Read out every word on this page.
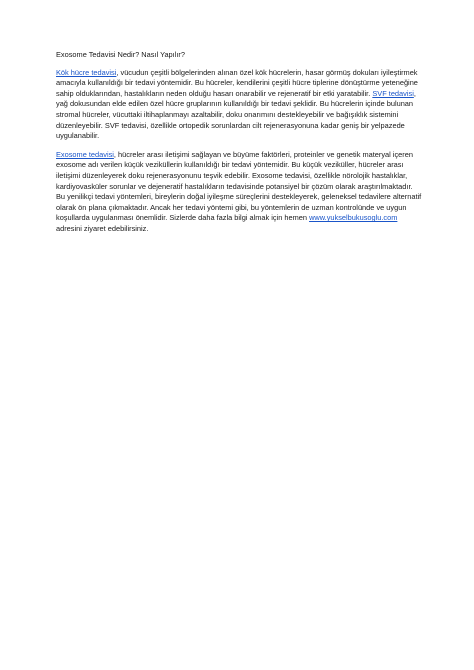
Exosome Tedavisi Nedir? Nasıl Yapılır?

Kök hücre tedavisi, vücudun çeşitli bölgelerinden alınan özel kök hücrelerin, hasar görmüş dokuları iyileştirmek amacıyla kullanıldığı bir tedavi yöntemidir. Bu hücreler, kendilerini çeşitli hücre tiplerine dönüştürme yeteneğine sahip olduklarından, hastalıkların neden olduğu hasarı onarabilir ve rejeneratif bir etki yaratabilir. SVF tedavisi, yağ dokusundan elde edilen özel hücre gruplarının kullanıldığı bir tedavi şeklidir. Bu hücrelerin içinde bulunan stromal hücreler, vücuttaki iltihaplanmayı azaltabilir, doku onarımını destekleyebilir ve bağışıklık sistemini düzenleyebilir. SVF tedavisi, özellikle ortopedik sorunlardan cilt rejenerasyonuna kadar geniş bir yelpazede uygulanabilir.

Exosome tedavisi, hücreler arası iletişimi sağlayan ve büyüme faktörleri, proteinler ve genetik materyal içeren exosome adı verilen küçük veziküllerin kullanıldığı bir tedavi yöntemidir. Bu küçük veziküller, hücreler arası iletişimi düzenleyerek doku rejenerasyonunu teşvik edebilir. Exosome tedavisi, özellikle nörolojik hastalıklar, kardiyovasküler sorunlar ve dejeneratif hastalıkların tedavisinde potansiyel bir çözüm olarak araştırılmaktadır. Bu yenilikçi tedavi yöntemleri, bireylerin doğal iyileşme süreçlerini destekleyerek, geleneksel tedavilere alternatif olarak ön plana çıkmaktadır. Ancak her tedavi yöntemi gibi, bu yöntemlerin de uzman kontrolünde ve uygun koşullarda uygulanması önemlidir. Sizlerde daha fazla bilgi almak için hemen www.yukselbukusoglu.com adresini ziyaret edebilirsiniz.
